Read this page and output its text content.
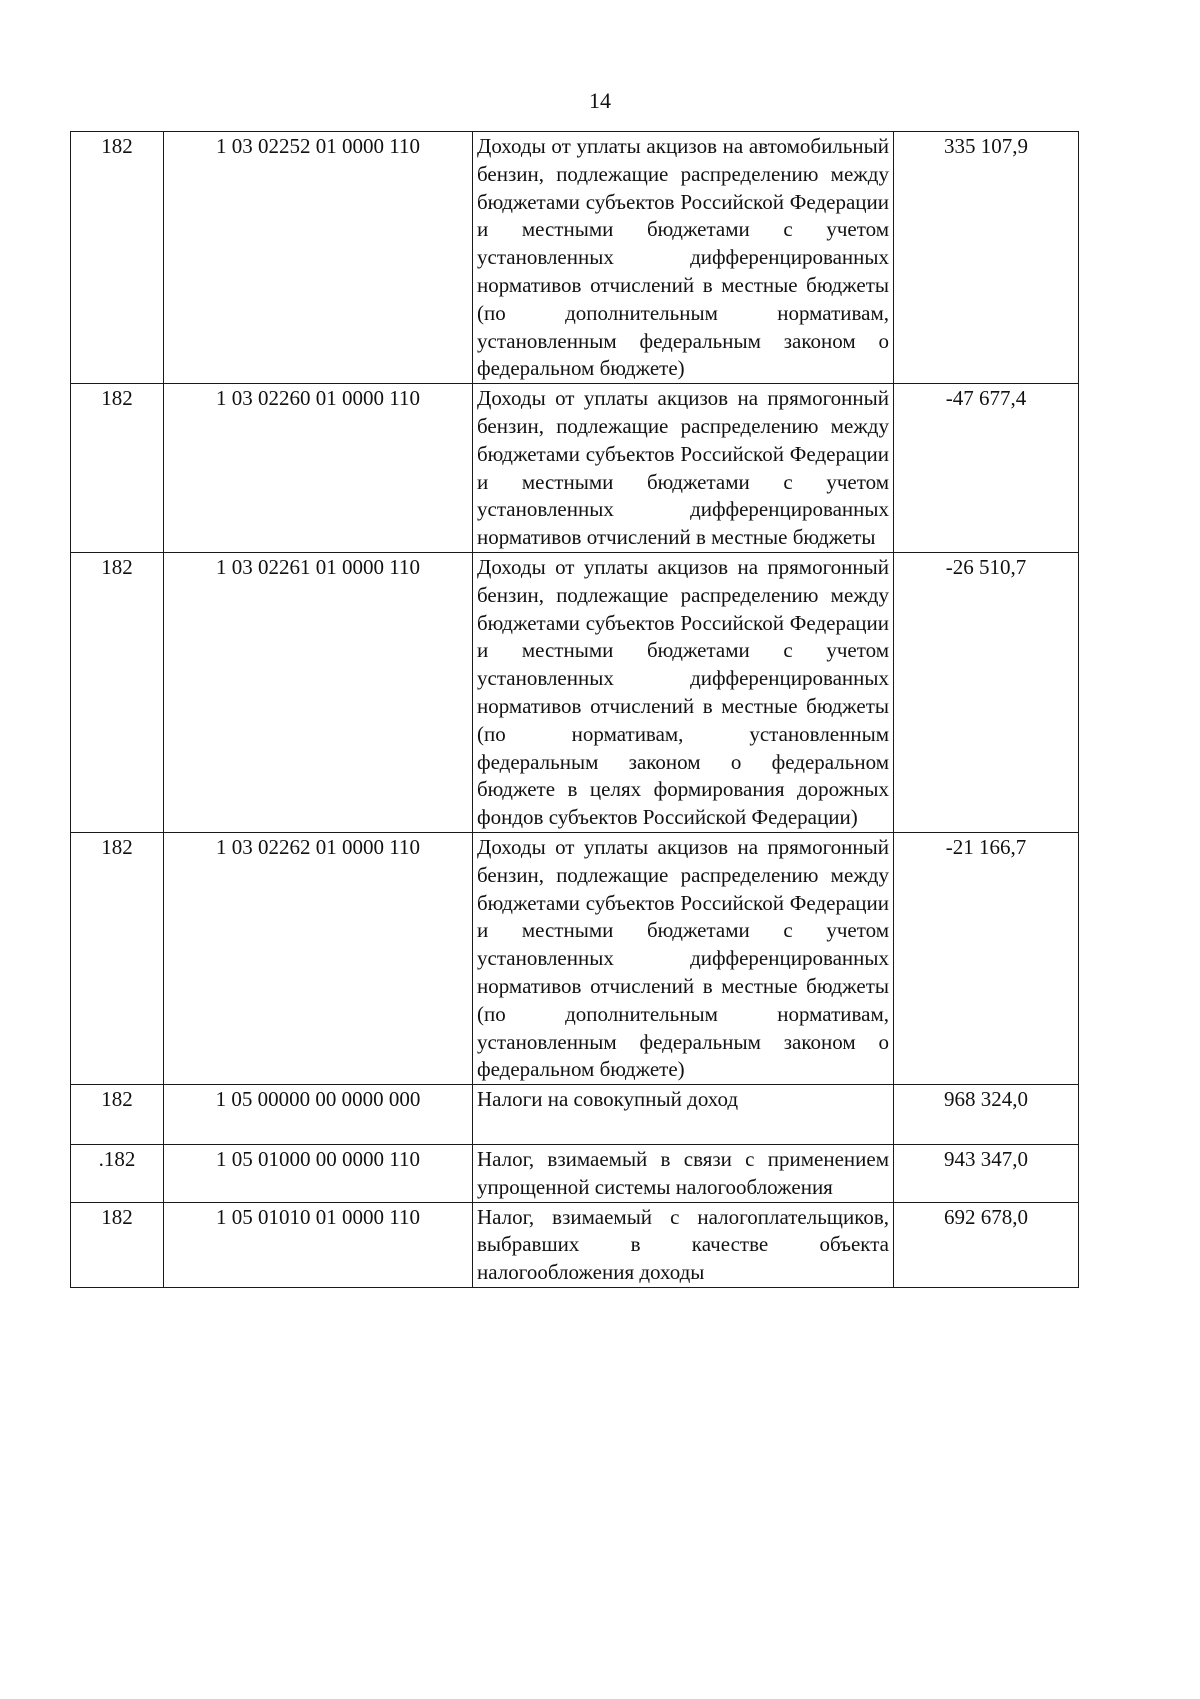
14
182	1 03 02252 01 0000 110	Доходы от уплаты акцизов на автомобильный бензин, подлежащие распределению между бюджетами субъектов Российской Федерации и местными бюджетами с учетом установленных дифференцированных нормативов отчислений в местные бюджеты (по дополнительным нормативам, установленным федеральным законом о федеральном бюджете)	335 107,9
182	1 03 02260 01 0000 110	Доходы от уплаты акцизов на прямогонный бензин, подлежащие распределению между бюджетами субъектов Российской Федерации и местными бюджетами с учетом установленных дифференцированных нормативов отчислений в местные бюджеты	-47 677,4
182	1 03 02261 01 0000 110	Доходы от уплаты акцизов на прямогонный бензин, подлежащие распределению между бюджетами субъектов Российской Федерации и местными бюджетами с учетом установленных дифференцированных нормативов отчислений в местные бюджеты (по нормативам, установленным федеральным законом о федеральном бюджете в целях формирования дорожных фондов субъектов Российской Федерации)	-26 510,7
182	1 03 02262 01 0000 110	Доходы от уплаты акцизов на прямогонный бензин, подлежащие распределению между бюджетами субъектов Российской Федерации и местными бюджетами с учетом установленных дифференцированных нормативов отчислений в местные бюджеты (по дополнительным нормативам, установленным федеральным законом о федеральном бюджете)	-21 166,7
182	1 05 00000 00 0000 000	Налоги на совокупный доход	968 324,0
.182	1 05 01000 00 0000 110	Налог, взимаемый в связи с применением упрощенной системы налогообложения	943 347,0
182	1 05 01010 01 0000 110	Налог, взимаемый с налогоплательщиков, выбравших в качестве объекта налогообложения доходы	692 678,0
